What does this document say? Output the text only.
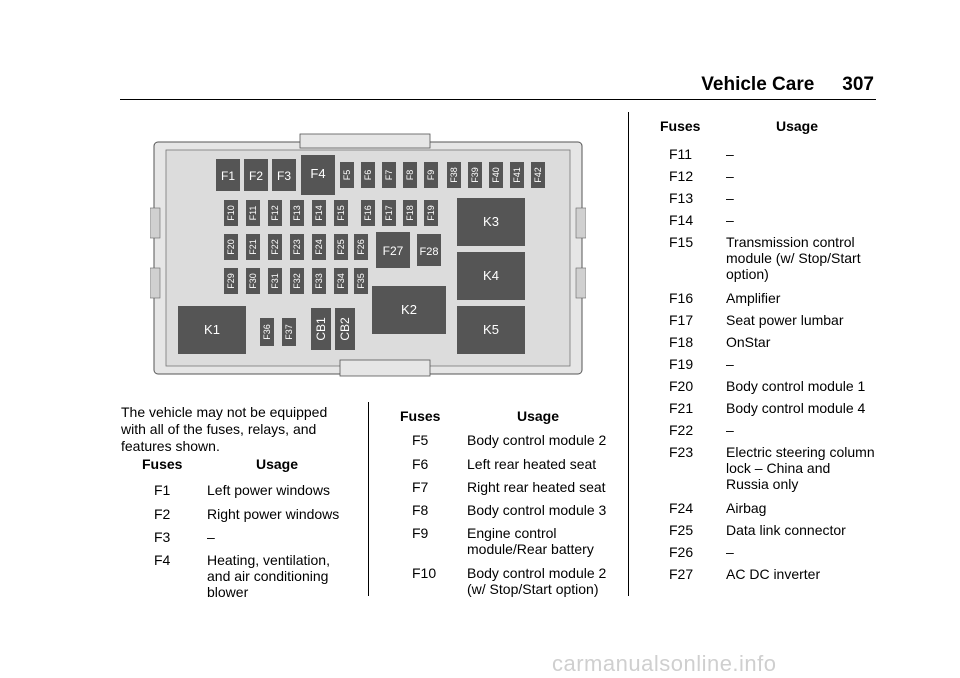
Vehicle Care 307
F1 F2 F3 F4 F5 F6 F7 F8 F9 F38 F39 F40 F41 F42
F10 F11 F12 F13 F14 F15 F16 F17 F18 F19
F20 F21 F22 F23 F24 F25 F26
F29 F30 F31 F32 F33 F34 F35
F27 F28
K1
K2
K3
K4
K5
F36 F37 CB1 CB2
The vehicle may not be equipped with all of the fuses, relays, and features shown.
Fuses	Usage
F1	Left power windows
F2	Right power windows
F3	–
F4	Heating, ventilation, and air conditioning blower
Fuses	Usage
F5	Body control module 2
F6	Left rear heated seat
F7	Right rear heated seat
F8	Body control module 3
F9	Engine control module/Rear battery
F10 Body control module 2 (w/ Stop/Start option)
Fuses	Usage
F11 –
F12 –
F13 –
F14 –
F15 Transmission control module (w/ Stop/Start option)
F16 Amplifier
F17 Seat power lumbar
F18 OnStar
F19 –
F20 Body control module 1
F21 Body control module 4
F22 –
F23 Electric steering column lock – China and Russia only
F24 Airbag
F25 Data link connector
F26 –
F27 AC DC inverter
carmanualsonline.info
